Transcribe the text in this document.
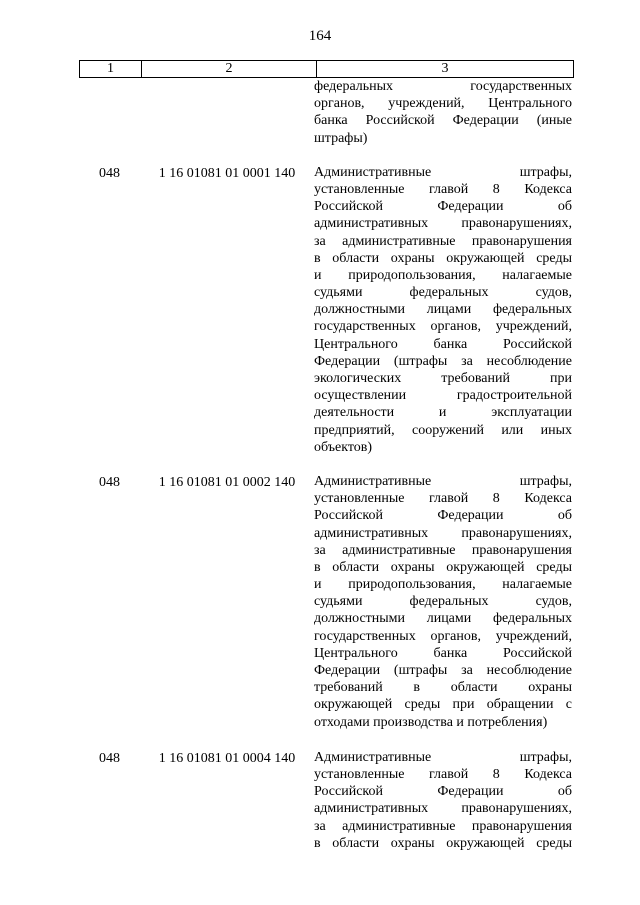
164
1	2	3
федеральных государственных
органов, учреждений, Центрального
банка Российской Федерации (иные
штрафы)
048	1 16 01081 01 0001 140	Административные штрафы,
установленные главой 8 Кодекса
Российской Федерации об
административных правонарушениях,
за административные правонарушения
в области охраны окружающей среды
и природопользования, налагаемые
судьями федеральных судов,
должностными лицами федеральных
государственных органов, учреждений,
Центрального банка Российской
Федерации (штрафы за несоблюдение
экологических требований при
осуществлении градостроительной
деятельности и эксплуатации
предприятий, сооружений или иных
объектов)
048	1 16 01081 01 0002 140	Административные штрафы,
установленные главой 8 Кодекса
Российской Федерации об
административных правонарушениях,
за административные правонарушения
в области охраны окружающей среды
и природопользования, налагаемые
судьями федеральных судов,
должностными лицами федеральных
государственных органов, учреждений,
Центрального банка Российской
Федерации (штрафы за несоблюдение
требований в области охраны
окружающей среды при обращении с
отходами производства и потребления)
048	1 16 01081 01 0004 140	Административные штрафы,
установленные главой 8 Кодекса
Российской Федерации об
административных правонарушениях,
за административные правонарушения
в области охраны окружающей среды
